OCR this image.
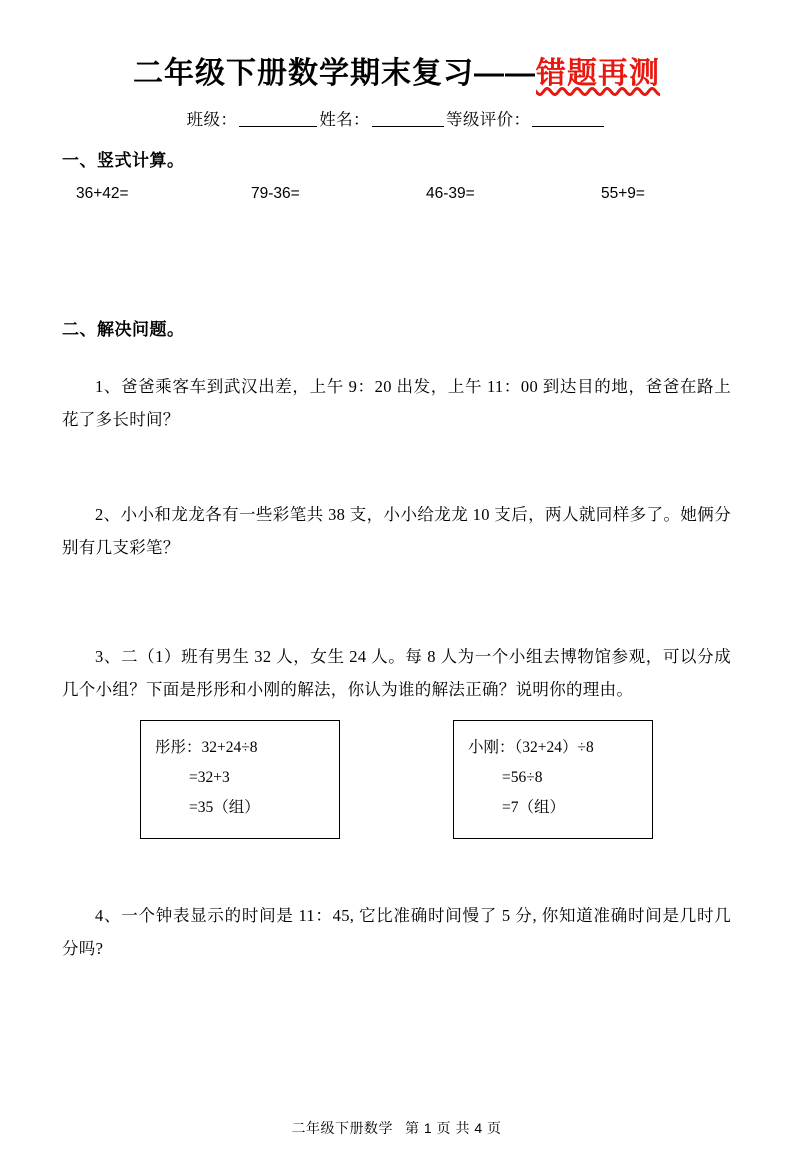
二年级下册数学期末复习——错题再测
班级：	姓名：	等级评价：
一、竖式计算。
36+42=	79-36=	46-39=	55+9=
二、解决问题。
1、爸爸乘客车到武汉出差，上午 9：20 出发，上午 11：00 到达目的地，爸爸在路上花了多长时间？
2、小小和龙龙各有一些彩笔共 38 支，小小给龙龙 10 支后，两人就同样多了。她俩分别有几支彩笔？
3、二（1）班有男生 32 人，女生 24 人。每 8 人为一个小组去博物馆参观，可以分成几个小组？下面是彤彤和小刚的解法，你认为谁的解法正确？说明你的理由。
彤彤：32+24÷8
=32+3
=35（组）
小刚：（32+24）÷8
=56÷8
=7（组）
4、一个钟表显示的时间是 11：45, 它比准确时间慢了 5 分, 你知道准确时间是几时几分吗?
二年级下册数学 第 1 页 共 4 页
